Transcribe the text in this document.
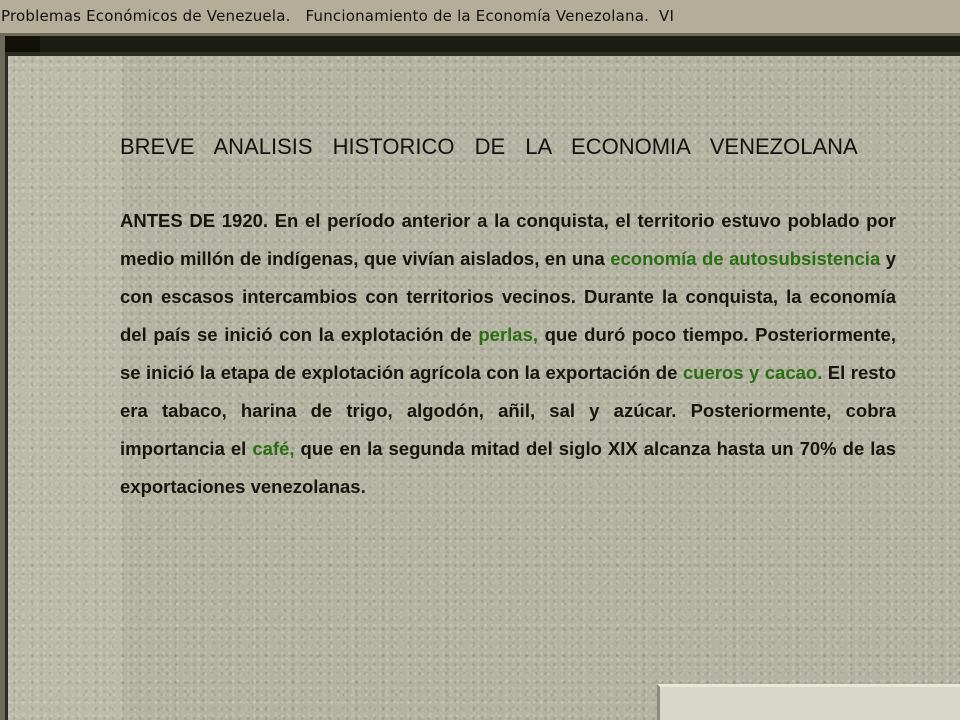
Problemas Económicos de Venezuela.   Funcionamiento de la Economía Venezolana.  VI
BREVE ANALISIS HISTORICO DE LA ECONOMIA VENEZOLANA

ANTES DE 1920. En el período anterior a la conquista, el territorio estuvo poblado por medio millón de indígenas, que vivían aislados, en una economía de autosubsistencia y con escasos intercambios con territorios vecinos. Durante la conquista, la economía del país se inició con la explotación de perlas, que duró poco tiempo. Posteriormente, se inició la etapa de explotación agrícola con la exportación de cueros y cacao. El resto era tabaco, harina de trigo, algodón, añil, sal y azúcar. Posteriormente, cobra importancia el café, que en la segunda mitad del siglo XIX alcanza hasta un 70% de las exportaciones venezolanas.
